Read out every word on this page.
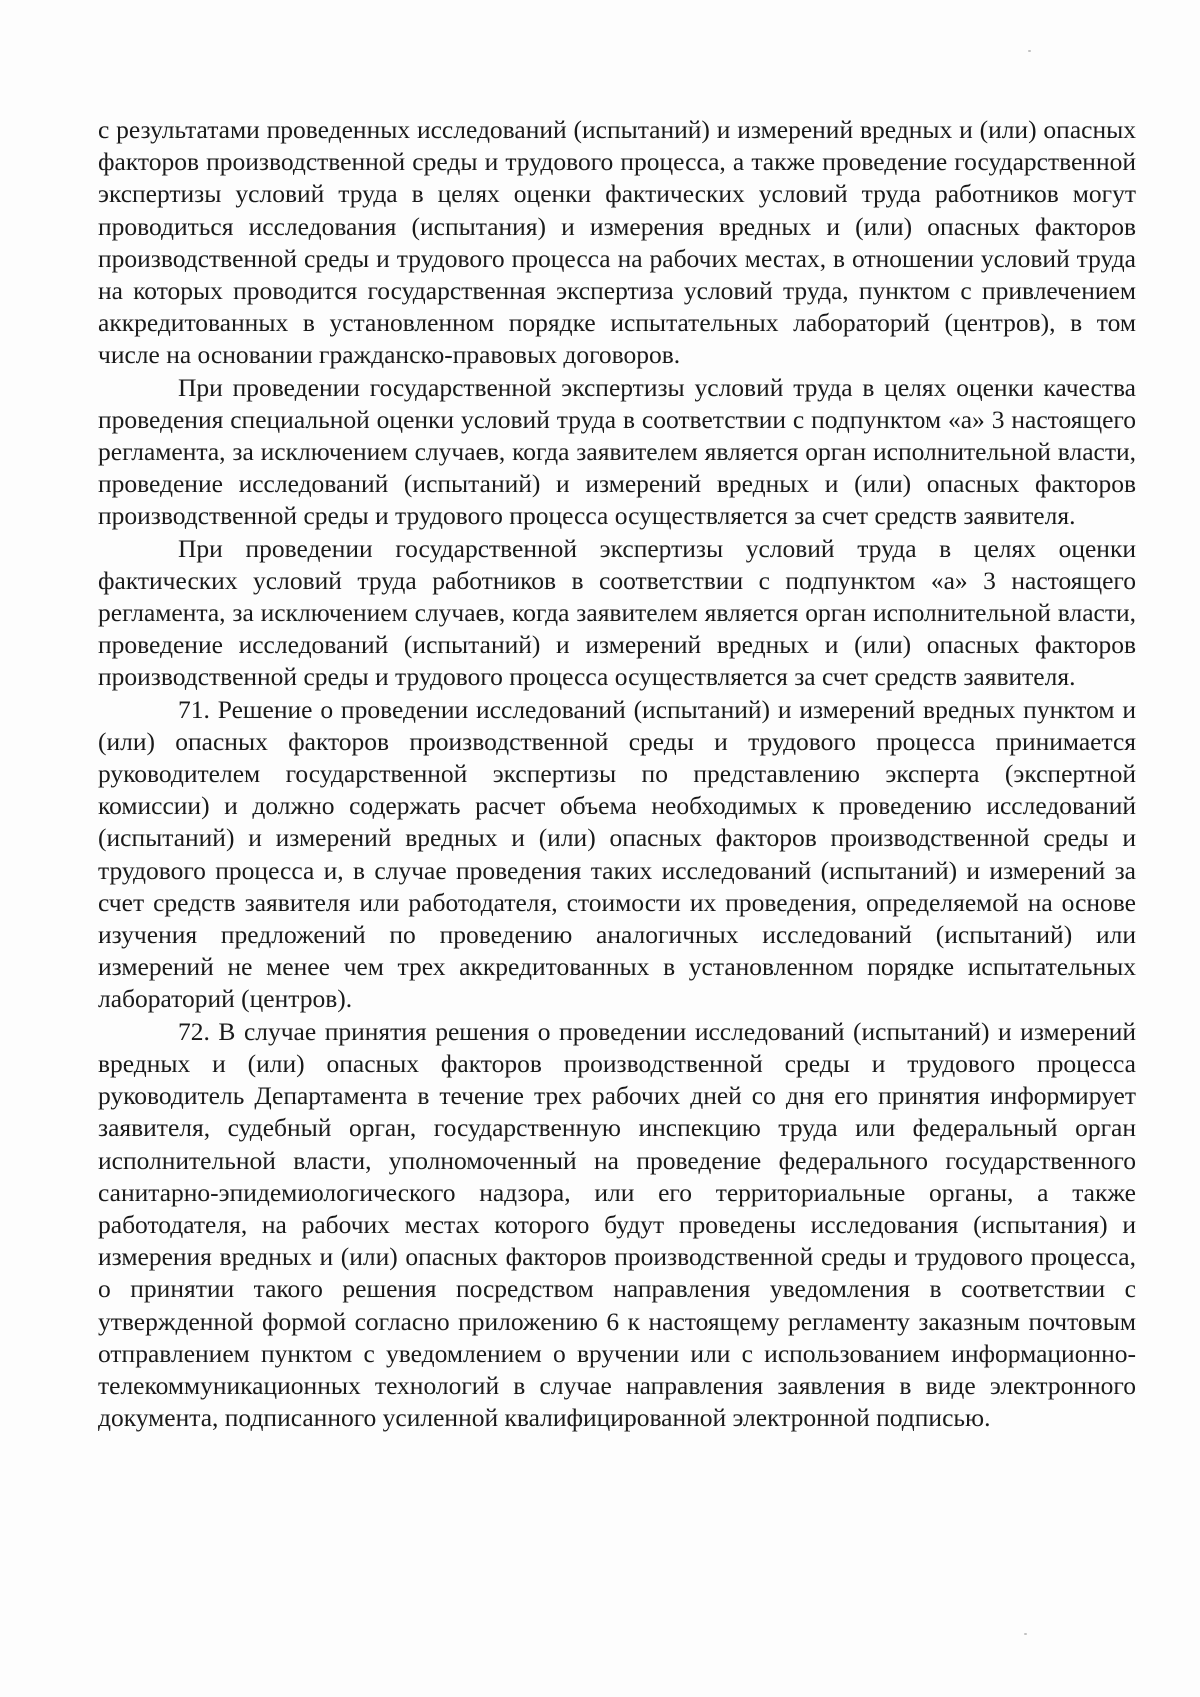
с результатами проведенных исследований (испытаний) и измерений вредных и (или) опасных факторов производственной среды и трудового процесса, а также проведение государственной экспертизы условий труда в целях оценки фактических условий труда работников могут проводиться исследования (испытания) и измерения вредных и (или) опасных факторов производственной среды и трудового процесса на рабочих местах, в отношении условий труда на которых проводится государственная экспертиза условий труда, пунктом с привлечением аккредитованных в установленном порядке испытательных лабораторий (центров), в том числе на основании гражданско-правовых договоров.

При проведении государственной экспертизы условий труда в целях оценки качества проведения специальной оценки условий труда в соответствии с подпунктом «а» 3 настоящего регламента, за исключением случаев, когда заявителем является орган исполнительной власти, проведение исследований (испытаний) и измерений вредных и (или) опасных факторов производственной среды и трудового процесса осуществляется за счет средств заявителя.

При проведении государственной экспертизы условий труда в целях оценки фактических условий труда работников в соответствии с подпунктом «а» 3 настоящего регламента, за исключением случаев, когда заявителем является орган исполнительной власти, проведение исследований (испытаний) и измерений вредных и (или) опасных факторов производственной среды и трудового процесса осуществляется за счет средств заявителя.

71. Решение о проведении исследований (испытаний) и измерений вредных пунктом и (или) опасных факторов производственной среды и трудового процесса принимается руководителем государственной экспертизы по представлению эксперта (экспертной комиссии) и должно содержать расчет объема необходимых к проведению исследований (испытаний) и измерений вредных и (или) опасных факторов производственной среды и трудового процесса и, в случае проведения таких исследований (испытаний) и измерений за счет средств заявителя или работодателя, стоимости их проведения, определяемой на основе изучения предложений по проведению аналогичных исследований (испытаний) или измерений не менее чем трех аккредитованных в установленном порядке испытательных лабораторий (центров).

72. В случае принятия решения о проведении исследований (испытаний) и измерений вредных и (или) опасных факторов производственной среды и трудового процесса руководитель Департамента в течение трех рабочих дней со дня его принятия информирует заявителя, судебный орган, государственную инспекцию труда или федеральный орган исполнительной власти, уполномоченный на проведение федерального государственного санитарно-эпидемиологического надзора, или его территориальные органы, а также работодателя, на рабочих местах которого будут проведены исследования (испытания) и измерения вредных и (или) опасных факторов производственной среды и трудового процесса, о принятии такого решения посредством направления уведомления в соответствии с утвержденной формой согласно приложению 6 к настоящему регламенту заказным почтовым отправлением пунктом с уведомлением о вручении или с использованием информационно-телекоммуникационных технологий в случае направления заявления в виде электронного документа, подписанного усиленной квалифицированной электронной подписью.
